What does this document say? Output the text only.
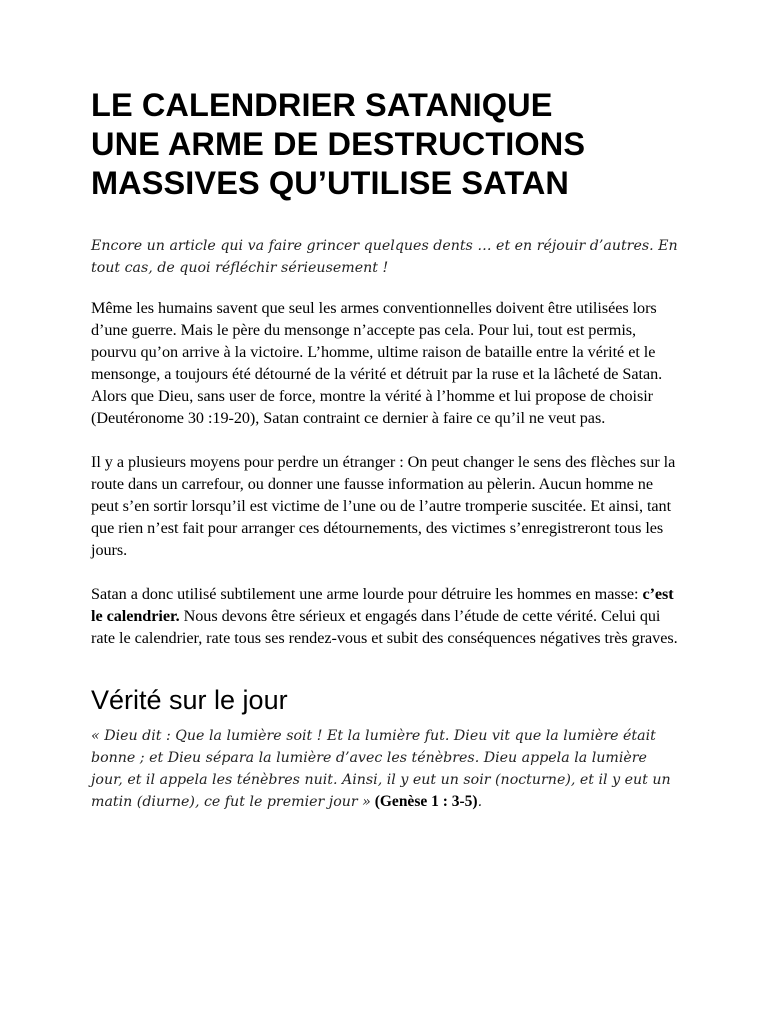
LE CALENDRIER SATANIQUE
UNE ARME DE DESTRUCTIONS
MASSIVES QU’UTILISE SATAN

Encore un article qui va faire grincer quelques dents … et en réjouir d’autres. En tout cas, de quoi réfléchir sérieusement !

Même les humains savent que seul les armes conventionnelles doivent être utilisées lors d’une guerre. Mais le père du mensonge n’accepte pas cela. Pour lui, tout est permis, pourvu qu’on arrive à la victoire. L’homme, ultime raison de bataille entre la vérité et le mensonge, a toujours été détourné de la vérité et détruit par la ruse et la lâcheté de Satan. Alors que Dieu, sans user de force, montre la vérité à l’homme et lui propose de choisir (Deutéronome 30 :19-20), Satan contraint ce dernier à faire ce qu’il ne veut pas.

Il y a plusieurs moyens pour perdre un étranger : On peut changer le sens des flèches sur la route dans un carrefour, ou donner une fausse information au pèlerin. Aucun homme ne peut s’en sortir lorsqu’il est victime de l’une ou de l’autre tromperie suscitée. Et ainsi, tant que rien n’est fait pour arranger ces détournements, des victimes s’enregistreront tous les jours.

Satan a donc utilisé subtilement une arme lourde pour détruire les hommes en masse: c’est le calendrier. Nous devons être sérieux et engagés dans l’étude de cette vérité. Celui qui rate le calendrier, rate tous ses rendez-vous et subit des conséquences négatives très graves.

Vérité sur le jour

« Dieu dit : Que la lumière soit ! Et la lumière fut. Dieu vit que la lumière était bonne ; et Dieu sépara la lumière d’avec les ténèbres. Dieu appela la lumière jour, et il appela les ténèbres nuit. Ainsi, il y eut un soir (nocturne), et il y eut un matin (diurne), ce fut le premier jour » (Genèse 1 : 3-5).
